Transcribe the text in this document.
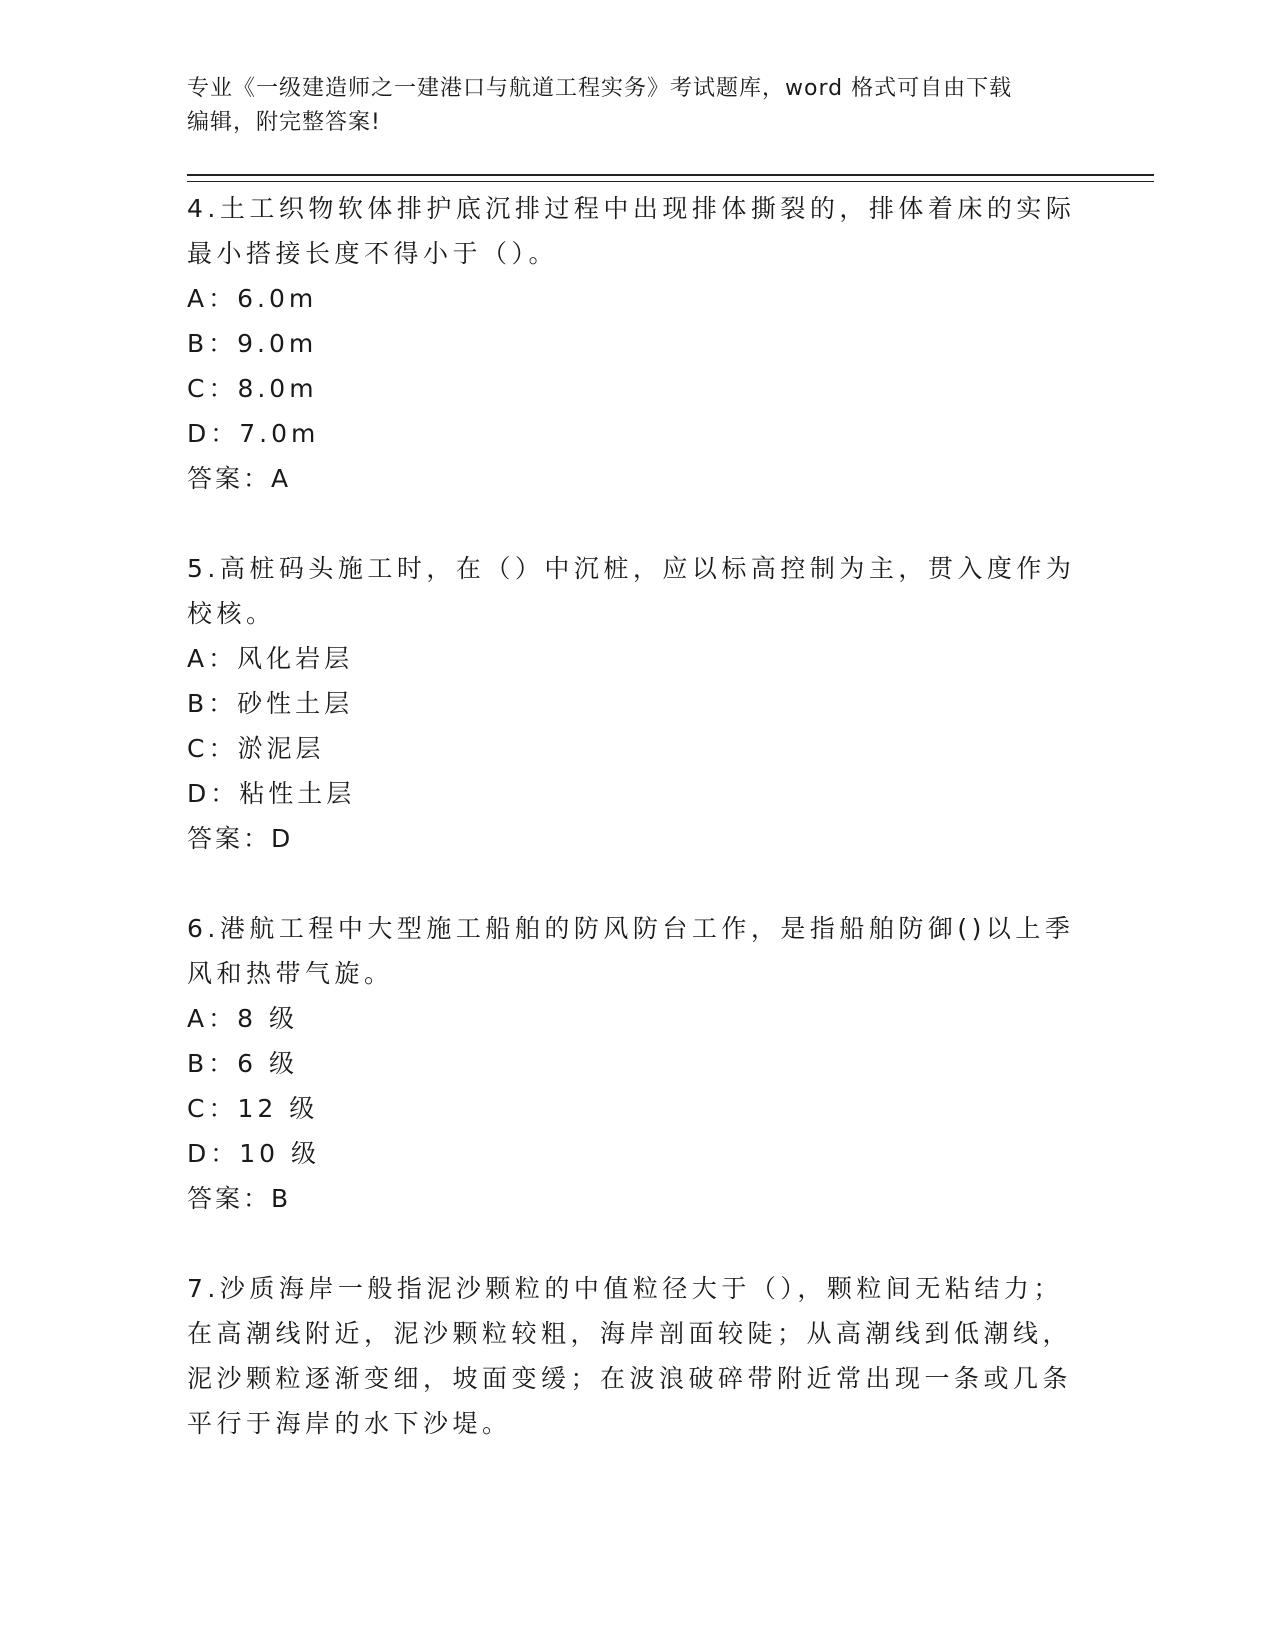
专业《一级建造师之一建港口与航道工程实务》考试题库，word 格式可自由下载
编辑，附完整答案!
4.土工织物软体排护底沉排过程中出现排体撕裂的，排体着床的实际
最小搭接长度不得小于（）。
A：6.0m
B：9.0m
C：8.0m
D：7.0m
答案：A
5.高桩码头施工时，在（）中沉桩，应以标高控制为主，贯入度作为
校核。
A：风化岩层
B：砂性土层
C：淤泥层
D：粘性土层
答案：D
6.港航工程中大型施工船舶的防风防台工作，是指船舶防御()以上季
风和热带气旋。
A：8 级
B：6 级
C：12 级
D：10 级
答案：B
7.沙质海岸一般指泥沙颗粒的中值粒径大于（），颗粒间无粘结力；
在高潮线附近，泥沙颗粒较粗，海岸剖面较陡；从高潮线到低潮线，
泥沙颗粒逐渐变细，坡面变缓；在波浪破碎带附近常出现一条或几条
平行于海岸的水下沙堤。
